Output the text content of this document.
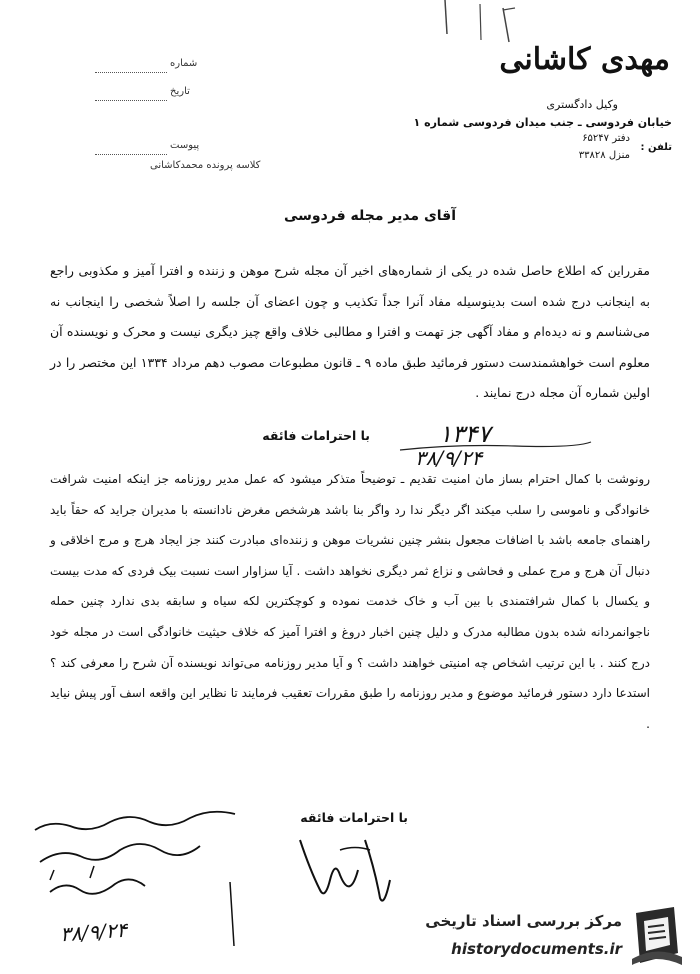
مهدی کاشانی
وکیل دادگستری
خیابان فردوسی ـ جنب میدان فردوسی شماره ۱
تلفن :
دفتر ۶۵۲۴۷
منزل ۳۳۸۲۸
شماره
تاریخ
پیوست
کلاسه پرونده محمدکاشانی
آقای مدیر مجله فردوسی
مقرراین که اطلاع حاصل شده در یکی از شماره‌های اخیر آن مجله شرح موهن و زننده و افترا آمیز و مکذوبی راجع به اینجانب درج شده است بدینوسیله مفاد آنرا جداً تکذیب و چون اعضای آن جلسه را اصلاً شخصی را اینجانب نه می‌شناسم و نه دیده‌ام و مفاد آگهی جز تهمت و افترا و مطالبی خلاف واقع چیز دیگری نیست و محرک و نویسنده آن معلوم است خواهشمندست دستور فرمائید طبق ماده ۹ ـ قانون مطبوعات مصوب دهم مرداد ۱۳۳۴ این مختصر را در اولین شماره آن مجله درج نمایند .
با احترامات فائقه	۱۳۴۷
۳۸/۹/۲۴
رونوشت با کمال احترام بساز مان امنیت تقدیم ـ توضیحاً متذکر میشود که عمل مدیر روزنامه جز اینکه امنیت شرافت خانوادگی و ناموسی را سلب میکند اگر دیگر ندا رد واگر بنا باشد هرشخص مغرض نادانسته با مدیران جراید که حقاً باید راهنمای جامعه باشد با اضافات مجعول بنشر چنین نشریات موهن و زننده‌ای مبادرت کنند جز ایجاد هرج و مرج اخلاقی و دنبال آن هرج و مرج عملی و فحاشی و نزاع ثمر دیگری نخواهد داشت . آیا سزاوار است نسبت بیک فردی که مدت بیست و یکسال با کمال شرافتمندی با بین آب و خاک خدمت نموده و کوچکترین لکه سیاه و سابقه بدی ندارد چنین حمله ناجوانمردانه شده بدون مطالبه مدرک و دلیل چنین اخبار دروغ و افترا آمیز که خلاف حیثیت خانوادگی است در مجله خود درج کنند . با این ترتیب اشخاص چه امنیتی خواهند داشت ؟ و آیا مدیر روزنامه می‌تواند نویسنده آن شرح را معرفی کند ؟ استدعا دارد دستور فرمائید موضوع و مدیر روزنامه را طبق مقررات تعقیب فرمایند تا نظایر این واقعه اسف آور پیش نیاید .
با احترامات فائقه
۳۸/۹/۲۴	مرکز بررسی اسناد تاریخی
historydocuments.ir
